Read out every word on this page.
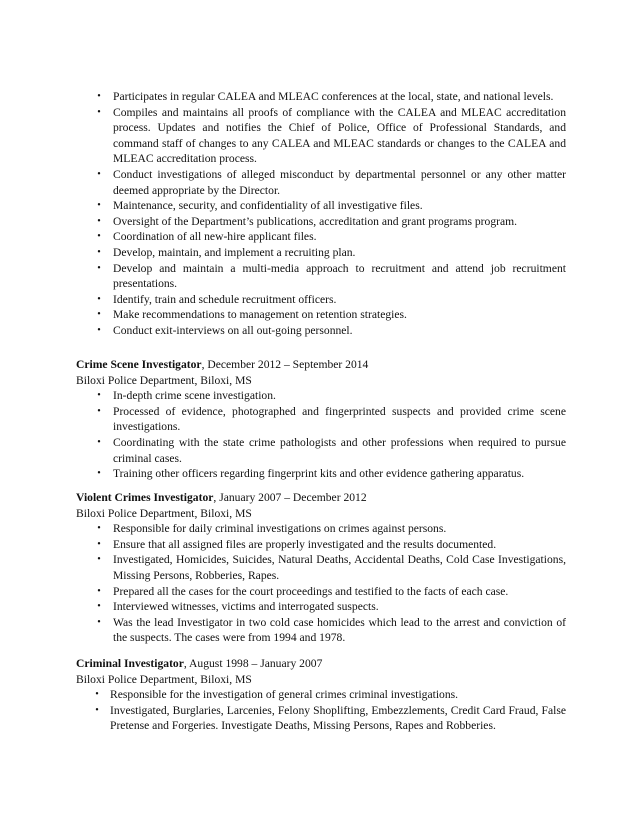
• Participates in regular CALEA and MLEAC conferences at the local, state, and national levels.
• Compiles and maintains all proofs of compliance with the CALEA and MLEAC accreditation process. Updates and notifies the Chief of Police, Office of Professional Standards, and command staff of changes to any CALEA and MLEAC standards or changes to the CALEA and MLEAC accreditation process.
• Conduct investigations of alleged misconduct by departmental personnel or any other matter deemed appropriate by the Director.
• Maintenance, security, and confidentiality of all investigative files.
• Oversight of the Department’s publications, accreditation and grant programs program.
• Coordination of all new-hire applicant files.
• Develop, maintain, and implement a recruiting plan.
• Develop and maintain a multi-media approach to recruitment and attend job recruitment presentations.
• Identify, train and schedule recruitment officers.
• Make recommendations to management on retention strategies.
• Conduct exit-interviews on all out-going personnel.

Crime Scene Investigator, December 2012 – September 2014

Biloxi Police Department, Biloxi, MS

• In-depth crime scene investigation.
• Processed of evidence, photographed and fingerprinted suspects and provided crime scene investigations.
• Coordinating with the state crime pathologists and other professions when required to pursue criminal cases.
• Training other officers regarding fingerprint kits and other evidence gathering apparatus.

Violent Crimes Investigator, January 2007 – December 2012

Biloxi Police Department, Biloxi, MS

• Responsible for daily criminal investigations on crimes against persons.
• Ensure that all assigned files are properly investigated and the results documented.
• Investigated, Homicides, Suicides, Natural Deaths, Accidental Deaths, Cold Case Investigations, Missing Persons, Robberies, Rapes.
• Prepared all the cases for the court proceedings and testified to the facts of each case.
• Interviewed witnesses, victims and interrogated suspects.
• Was the lead Investigator in two cold case homicides which lead to the arrest and conviction of the suspects. The cases were from 1994 and 1978.

Criminal Investigator, August 1998 – January 2007

Biloxi Police Department, Biloxi, MS

• Responsible for the investigation of general crimes criminal investigations.
• Investigated, Burglaries, Larcenies, Felony Shoplifting, Embezzlements, Credit Card Fraud, False Pretense and Forgeries. Investigate Deaths, Missing Persons, Rapes and Robberies.
